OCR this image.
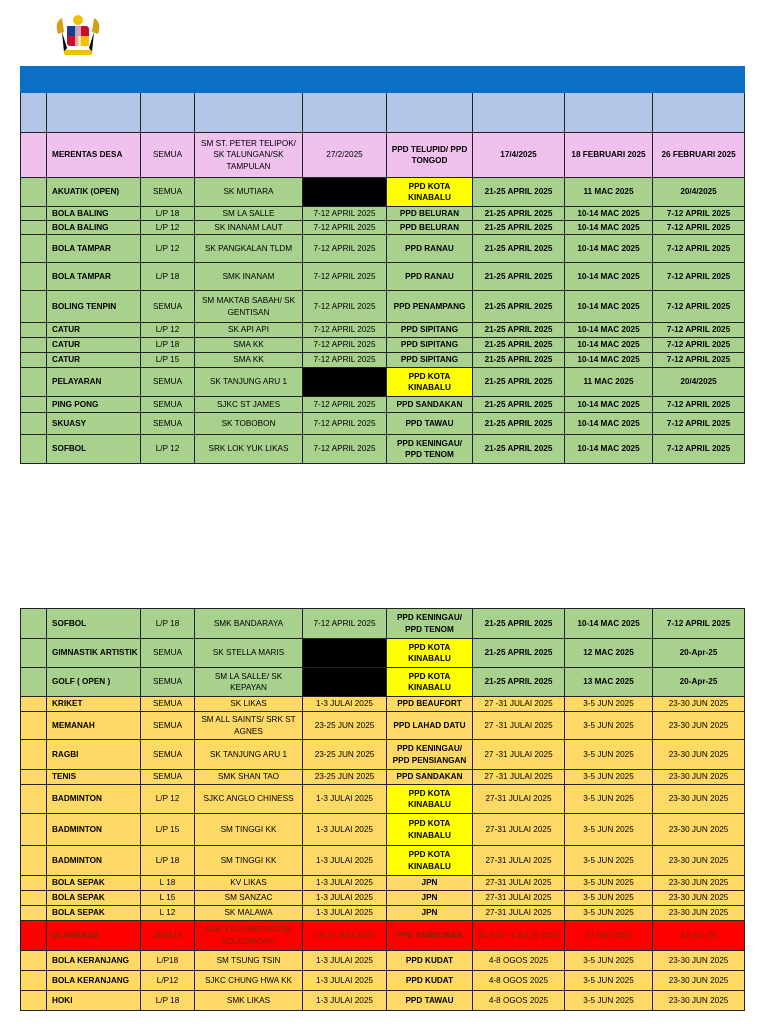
	MERENTAS DESA	SEMUA	SM ST. PETER TELIPOK/ SK TALUNGAN/SK TAMPULAN	27/2/2025	PPD TELUPID/ PPD TONGOD	17/4/2025	18 FEBRUARI 2025	26 FEBRUARI 2025
	AKUATIK (OPEN)	SEMUA	SK MUTIARA		PPD KOTA KINABALU	21-25 APRIL 2025	11 MAC 2025	20/4/2025
	BOLA BALING	L/P 18	SM LA SALLE	7-12 APRIL 2025	PPD BELURAN	21-25 APRIL 2025	10-14 MAC 2025	7-12 APRIL 2025
	BOLA BALING	L/P 12	SK INANAM LAUT	7-12 APRIL 2025	PPD BELURAN	21-25 APRIL 2025	10-14 MAC 2025	7-12 APRIL 2025
	BOLA TAMPAR	L/P 12	SK PANGKALAN TLDM	7-12 APRIL 2025	PPD RANAU	21-25 APRIL 2025	10-14 MAC 2025	7-12 APRIL 2025
	BOLA TAMPAR	L/P 18	SMK INANAM	7-12 APRIL 2025	PPD RANAU	21-25 APRIL 2025	10-14 MAC 2025	7-12 APRIL 2025
	BOLING TENPIN	SEMUA	SM MAKTAB SABAH/ SK GENTISAN	7-12 APRIL 2025	PPD PENAMPANG	21-25 APRIL 2025	10-14 MAC 2025	7-12 APRIL 2025
	CATUR	L/P 12	SK API API	7-12 APRIL 2025	PPD SIPITANG	21-25 APRIL 2025	10-14 MAC 2025	7-12 APRIL 2025
	CATUR	L/P 18	SMA KK	7-12 APRIL 2025	PPD SIPITANG	21-25 APRIL 2025	10-14 MAC 2025	7-12 APRIL 2025
	CATUR	L/P 15	SMA KK	7-12 APRIL 2025	PPD SIPITANG	21-25 APRIL 2025	10-14 MAC 2025	7-12 APRIL 2025
	PELAYARAN	SEMUA	SK TANJUNG ARU 1		PPD KOTA KINABALU	21-25 APRIL 2025	11 MAC 2025	20/4/2025
	PING PONG	SEMUA	SJKC ST JAMES	7-12 APRIL 2025	PPD SANDAKAN	21-25 APRIL 2025	10-14 MAC 2025	7-12 APRIL 2025
	SKUASY	SEMUA	SK TOBOBON	7-12 APRIL 2025	PPD TAWAU	21-25 APRIL 2025	10-14 MAC 2025	7-12 APRIL 2025
	SOFBOL	L/P 12	SRK LOK YUK LIKAS	7-12 APRIL 2025	PPD KENINGAU/ PPD TENOM	21-25 APRIL 2025	10-14 MAC 2025	7-12 APRIL 2025
	SOFBOL	L/P 18	SMK BANDARAYA	7-12 APRIL 2025	PPD KENINGAU/ PPD TENOM	21-25 APRIL 2025	10-14 MAC 2025	7-12 APRIL 2025
	GIMNASTIK ARTISTIK	SEMUA	SK STELLA MARIS		PPD KOTA KINABALU	21-25 APRIL 2025	12 MAC 2025	20-Apr-25
	GOLF ( OPEN )	SEMUA	SM LA SALLE/ SK KEPAYAN		PPD KOTA KINABALU	21-25 APRIL 2025	13 MAC 2025	20-Apr-25
	KRIKET	SEMUA	SK LIKAS	1-3 JULAI 2025	PPD BEAUFORT	27 -31 JULAI 2025	3-5 JUN 2025	23-30 JUN 2025
	MEMANAH	SEMUA	SM ALL SAINTS/ SRK ST AGNES	23-25 JUN 2025	PPD LAHAD DATU	27 -31 JULAI 2025	3-5 JUN 2025	23-30 JUN 2025
	RAGBI	SEMUA	SK TANJUNG ARU 1	23-25 JUN 2025	PPD KENINGAU/ PPD PENSIANGAN	27 -31 JULAI 2025	3-5 JUN 2025	23-30 JUN 2025
	TENIS	SEMUA	SMK SHAN TAO	23-25 JUN 2025	PPD SANDAKAN	27 -31 JULAI 2025	3-5 JUN 2025	23-30 JUN 2025
	BADMINTON	L/P 12	SJKC ANGLO CHINESS	1-3 JULAI 2025	PPD KOTA KINABALU	27-31 JULAI 2025	3-5 JUN 2025	23-30 JUN 2025
	BADMINTON	L/P 15	SM TINGGI KK	1-3 JULAI 2025	PPD KOTA KINABALU	27-31 JULAI 2025	3-5 JUN 2025	23-30 JUN 2025
	BADMINTON	L/P 18	SM TINGGI KK	1-3 JULAI 2025	PPD KOTA KINABALU	27-31 JULAI 2025	3-5 JUN 2025	23-30 JUN 2025
	BOLA SEPAK	L 18	KV LIKAS	1-3 JULAI 2025	JPN	27-31 JULAI 2025	3-5 JUN 2025	23-30 JUN 2025
	BOLA SEPAK	L 15	SM SANZAC	1-3 JULAI 2025	JPN	27-31 JULAI 2025	3-5 JUN 2025	23-30 JUN 2025
	BOLA SEPAK	L 12	SK MALAWA	1-3 JULAI 2025	JPN	27-31 JULAI 2025	3-5 JUN 2025	23-30 JUN 2025
	OLAHRAGA	SEMUA	SMK KOLOMBONG/SK KOLOMBONG	16-21 JUN 2025	PPD TAMBUNAN	30 JUN -4 JULAI 2025	27 MEI 2025	12-Jun-25
	BOLA KERANJANG	L/P18	SM TSUNG TSIN	1-3 JULAI 2025	PPD KUDAT	4-8 OGOS 2025	3-5 JUN 2025	23-30 JUN 2025
	BOLA KERANJANG	L/P12	SJKC CHUNG HWA KK	1-3 JULAI 2025	PPD KUDAT	4-8 OGOS 2025	3-5 JUN 2025	23-30 JUN 2025
	HOKI	L/P 18	SMK LIKAS	1-3 JULAI 2025	PPD TAWAU	4-8 OGOS 2025	3-5 JUN 2025	23-30 JUN 2025
